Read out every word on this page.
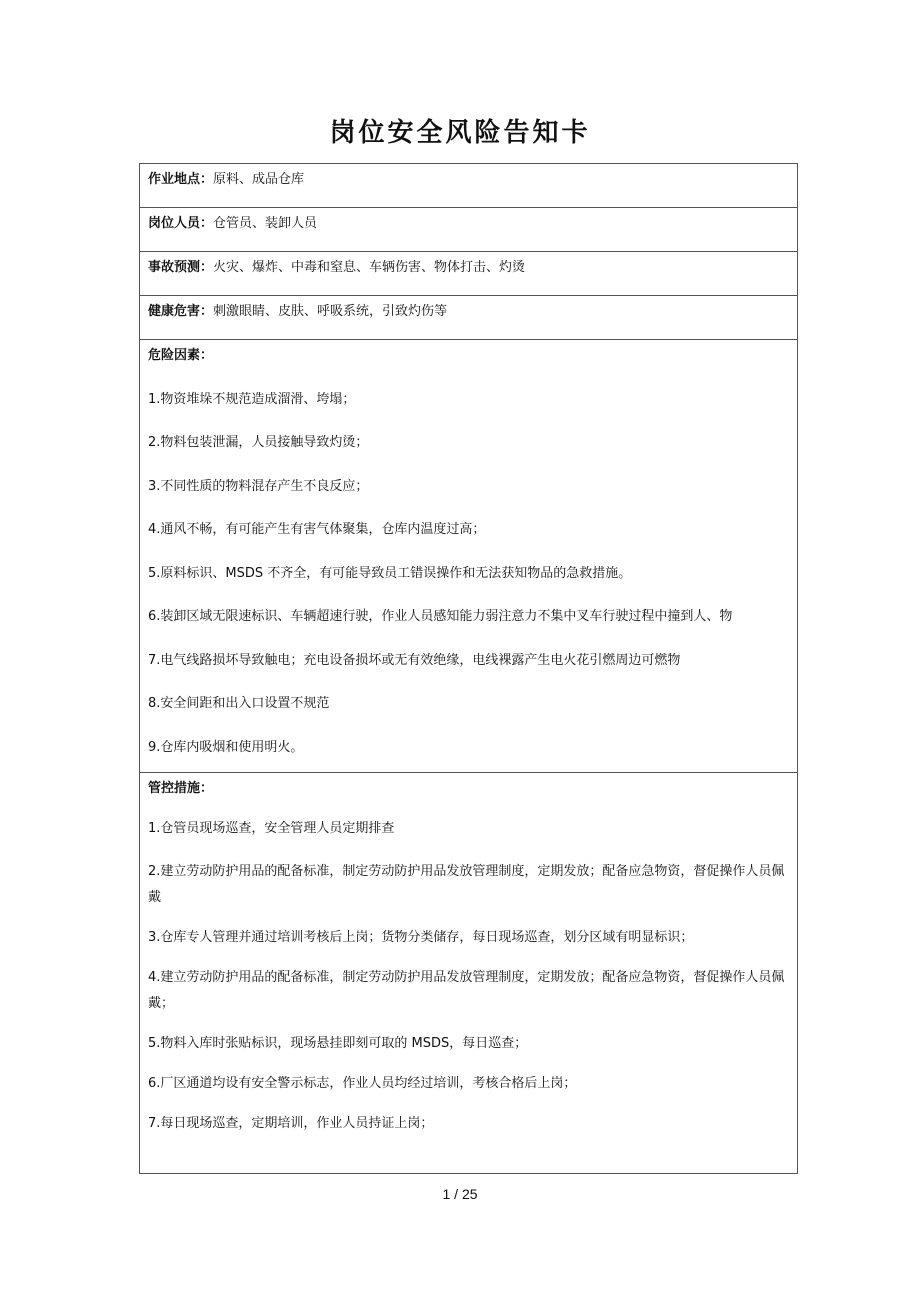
岗位安全风险告知卡
作业地点：原料、成品仓库
岗位人员：仓管员、装卸人员
事故预测：火灾、爆炸、中毒和窒息、车辆伤害、物体打击、灼烫
健康危害：刺激眼睛、皮肤、呼吸系统，引致灼伤等
危险因素：
1.物资堆垛不规范造成溜滑、垮塌；
2.物料包装泄漏，人员接触导致灼烫；
3.不同性质的物料混存产生不良反应；
4.通风不畅，有可能产生有害气体聚集，仓库内温度过高；
5.原料标识、MSDS 不齐全，有可能导致员工错误操作和无法获知物品的急救措施。
6.装卸区域无限速标识、车辆超速行驶，作业人员感知能力弱注意力不集中叉车行驶过程中撞到人、物
7.电气线路损坏导致触电；充电设备损坏或无有效绝缘，电线裸露产生电火花引燃周边可燃物
8.安全间距和出入口设置不规范
9.仓库内吸烟和使用明火。
管控措施：
1.仓管员现场巡查，安全管理人员定期排查
2.建立劳动防护用品的配备标准，制定劳动防护用品发放管理制度，定期发放；配备应急物资，督促操作人员佩戴
3.仓库专人管理并通过培训考核后上岗；货物分类储存，每日现场巡查，划分区域有明显标识；
4.建立劳动防护用品的配备标准，制定劳动防护用品发放管理制度，定期发放；配备应急物资，督促操作人员佩戴；
5.物料入库时张贴标识，现场悬挂即刻可取的 MSDS，每日巡查；
6.厂区通道均设有安全警示标志，作业人员均经过培训，考核合格后上岗；
7.每日现场巡查，定期培训，作业人员持证上岗；
1 / 25
